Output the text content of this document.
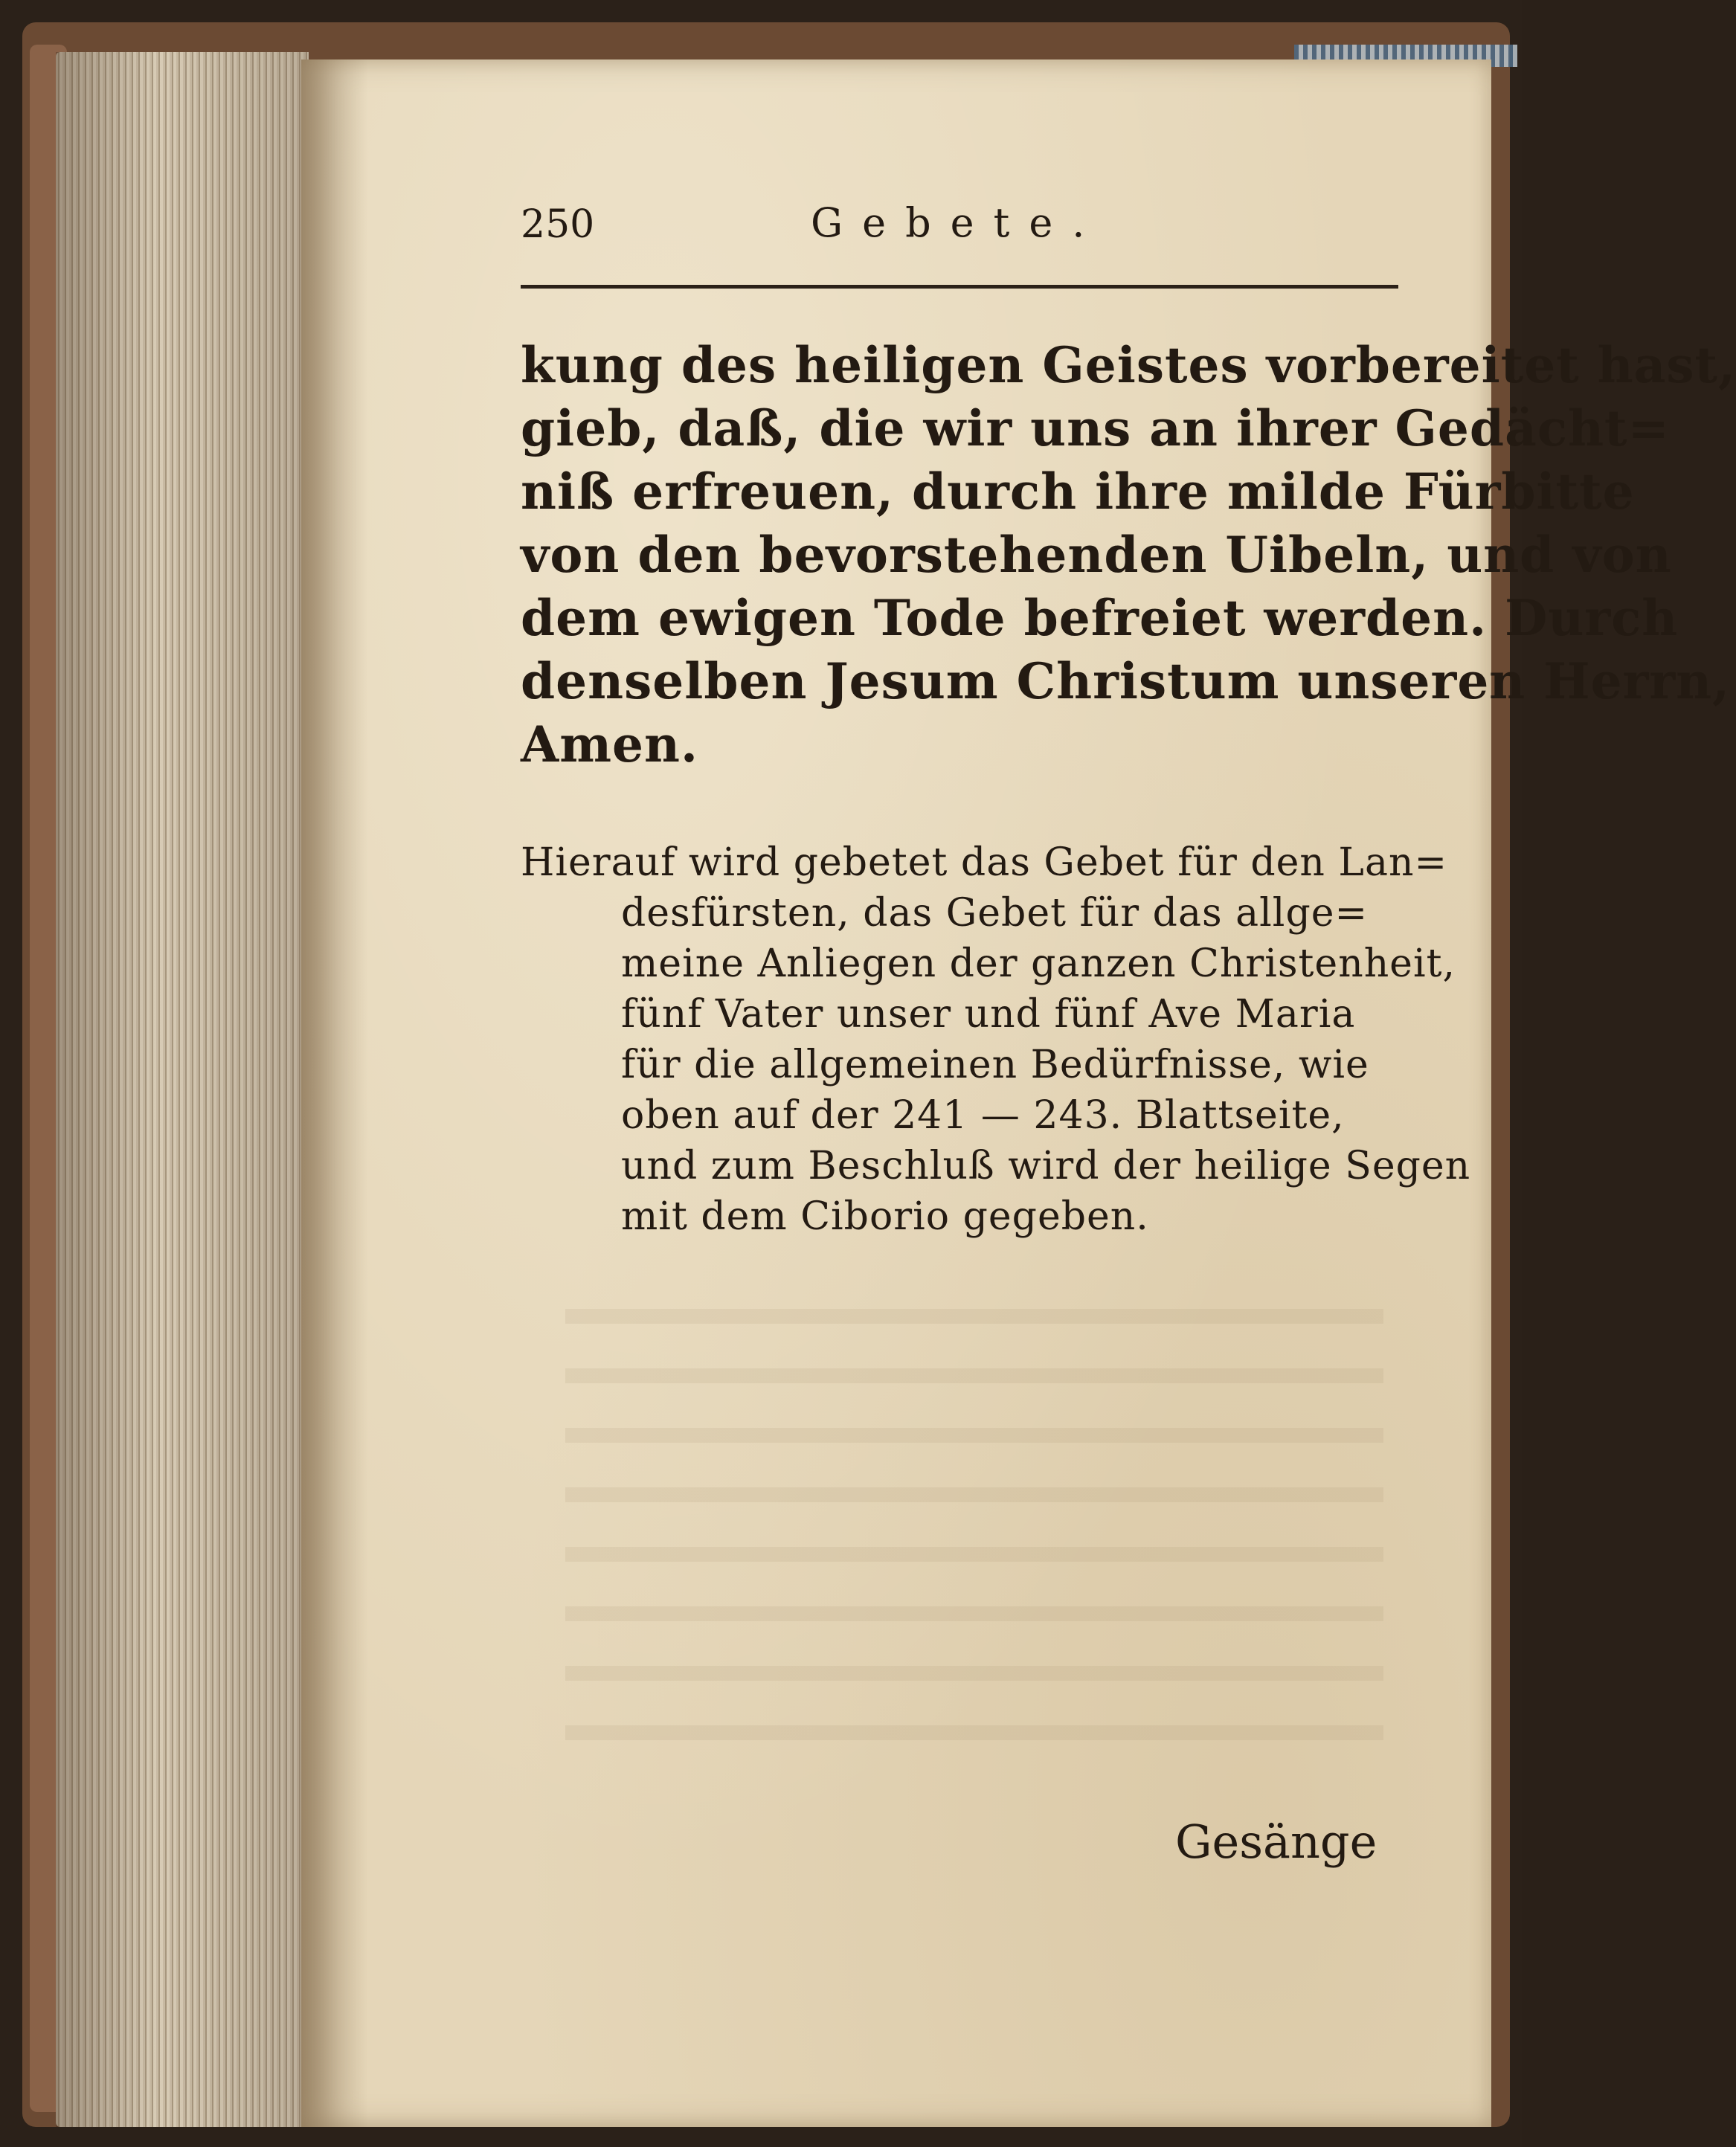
250	Gebete.
kung des heiligen Geistes vorbereitet hast,
gieb, daß, die wir uns an ihrer Gedächt=
niß erfreuen, durch ihre milde Fürbitte
von den bevorstehenden Uibeln, und von
dem ewigen Tode befreiet werden. Durch
denselben Jesum Christum unseren Herrn,
Amen.
Hierauf wird gebetet das Gebet für den Lan=
desfürsten, das Gebet für das allge=
meine Anliegen der ganzen Christenheit,
fünf Vater unser und fünf Ave Maria
für die allgemeinen Bedürfnisse, wie
oben auf der 241 — 243. Blattseite,
und zum Beschluß wird der heilige Segen
mit dem Ciborio gegeben.
Gesänge
